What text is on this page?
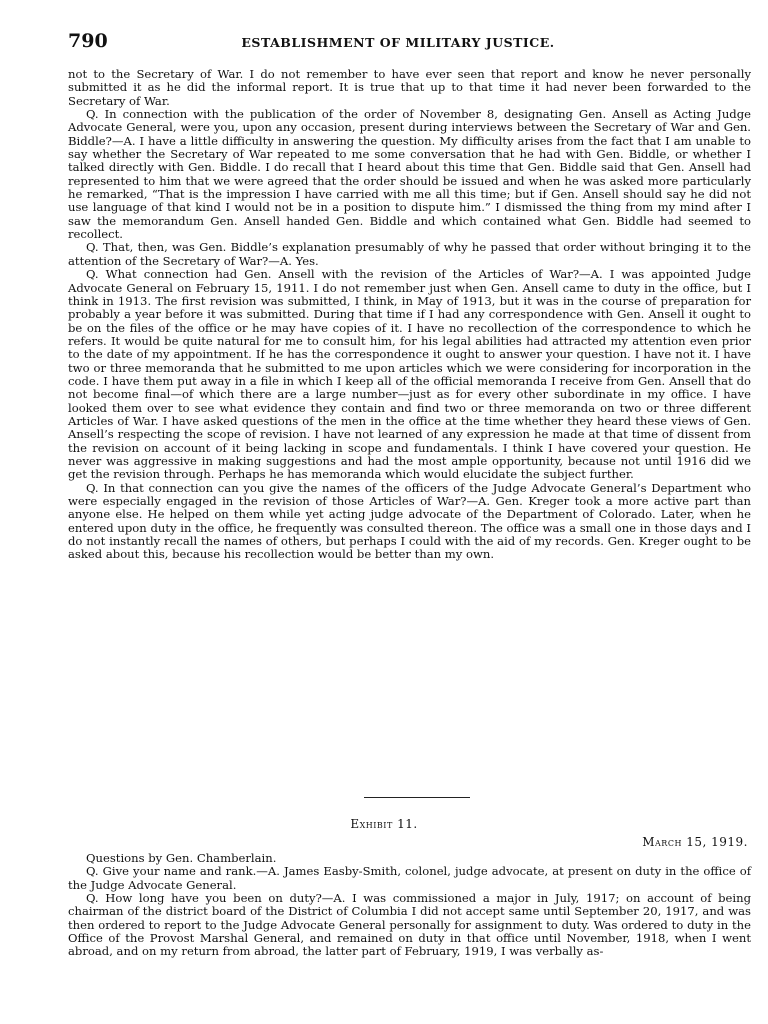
790	ESTABLISHMENT OF MILITARY JUSTICE.

not to the Secretary of War. I do not remember to have ever seen that report and know he never personally submitted it as he did the informal report. It is true that up to that time it had never been forwarded to the Secretary of War.

Q. In connection with the publication of the order of November 8, designating Gen. Ansell as Acting Judge Advocate General, were you, upon any occasion, present during interviews between the Secretary of War and Gen. Biddle?—A. I have a little difficulty in answering the question. My difficulty arises from the fact that I am unable to say whether the Secretary of War repeated to me some conversation that he had with Gen. Biddle, or whether I talked directly with Gen. Biddle. I do recall that I heard about this time that Gen. Biddle said that Gen. Ansell had represented to him that we were agreed that the order should be issued and when he was asked more particularly he remarked, “That is the impression I have carried with me all this time; but if Gen. Ansell should say he did not use language of that kind I would not be in a position to dispute him.” I dismissed the thing from my mind after I saw the memorandum Gen. Ansell handed Gen. Biddle and which contained what Gen. Biddle had seemed to recollect.

Q. That, then, was Gen. Biddle’s explanation presumably of why he passed that order without bringing it to the attention of the Secretary of War?—A. Yes.

Q. What connection had Gen. Ansell with the revision of the Articles of War?—A. I was appointed Judge Advocate General on February 15, 1911. I do not remember just when Gen. Ansell came to duty in the office, but I think in 1913. The first revision was submitted, I think, in May of 1913, but it was in the course of preparation for probably a year before it was submitted. During that time if I had any correspondence with Gen. Ansell it ought to be on the files of the office or he may have copies of it. I have no recollection of the correspondence to which he refers. It would be quite natural for me to consult him, for his legal abilities had attracted my attention even prior to the date of my appointment. If he has the correspondence it ought to answer your question. I have not it. I have two or three memoranda that he submitted to me upon articles which we were considering for incorporation in the code. I have them put away in a file in which I keep all of the official memoranda I receive from Gen. Ansell that do not become final—of which there are a large number—just as for every other subordinate in my office. I have looked them over to see what evidence they contain and find two or three memoranda on two or three different Articles of War. I have asked questions of the men in the office at the time whether they heard these views of Gen. Ansell’s respecting the scope of revision. I have not learned of any expression he made at that time of dissent from the revision on account of it being lacking in scope and fundamentals. I think I have covered your question. He never was aggressive in making suggestions and had the most ample opportunity, because not until 1916 did we get the revision through. Perhaps he has memoranda which would elucidate the subject further.

Q. In that connection can you give the names of the officers of the Judge Advocate General’s Department who were especially engaged in the revision of those Articles of War?—A. Gen. Kreger took a more active part than anyone else. He helped on them while yet acting judge advocate of the Department of Colorado. Later, when he entered upon duty in the office, he frequently was consulted thereon. The office was a small one in those days and I do not instantly recall the names of others, but perhaps I could with the aid of my records. Gen. Kreger ought to be asked about this, because his recollection would be better than my own.

Exhibit 11.
March 15, 1919.

Questions by Gen. Chamberlain.

Q. Give your name and rank.—A. James Easby-Smith, colonel, judge advocate, at present on duty in the office of the Judge Advocate General.

Q. How long have you been on duty?—A. I was commissioned a major in July, 1917; on account of being chairman of the district board of the District of Columbia I did not accept same until September 20, 1917, and was then ordered to report to the Judge Advocate General personally for assignment to duty. Was ordered to duty in the Office of the Provost Marshal General, and remained on duty in that office until November, 1918, when I went abroad, and on my return from abroad, the latter part of February, 1919, I was verbally as-
